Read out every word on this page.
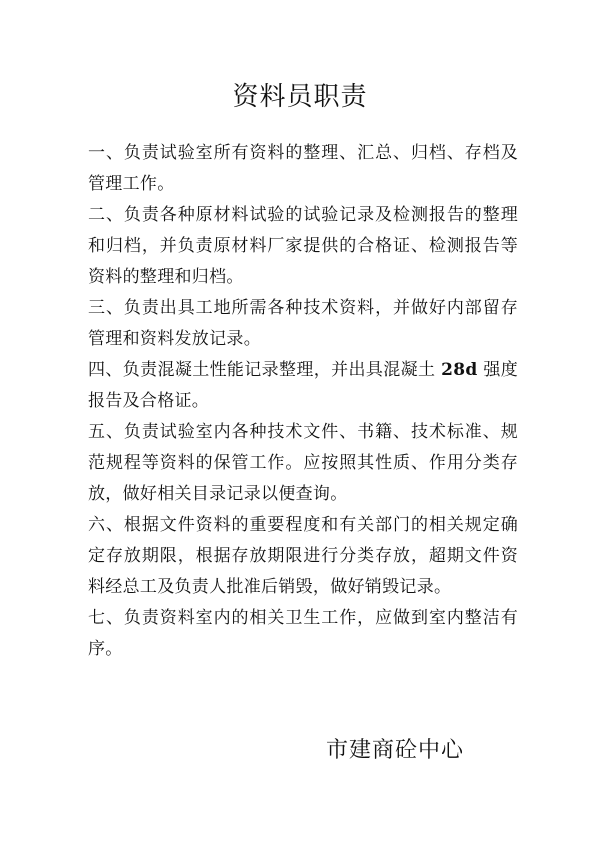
资料员职责

一、负责试验室所有资料的整理、汇总、归档、存档及管理工作。

二、负责各种原材料试验的试验记录及检测报告的整理和归档，并负责原材料厂家提供的合格证、检测报告等资料的整理和归档。

三、负责出具工地所需各种技术资料，并做好内部留存管理和资料发放记录。

四、负责混凝土性能记录整理，并出具混凝土 28d 强度报告及合格证。

五、负责试验室内各种技术文件、书籍、技术标准、规范规程等资料的保管工作。应按照其性质、作用分类存放，做好相关目录记录以便查询。

六、根据文件资料的重要程度和有关部门的相关规定确定存放期限，根据存放期限进行分类存放，超期文件资料经总工及负责人批准后销毁，做好销毁记录。

七、负责资料室内的相关卫生工作，应做到室内整洁有序。

市建商砼中心
